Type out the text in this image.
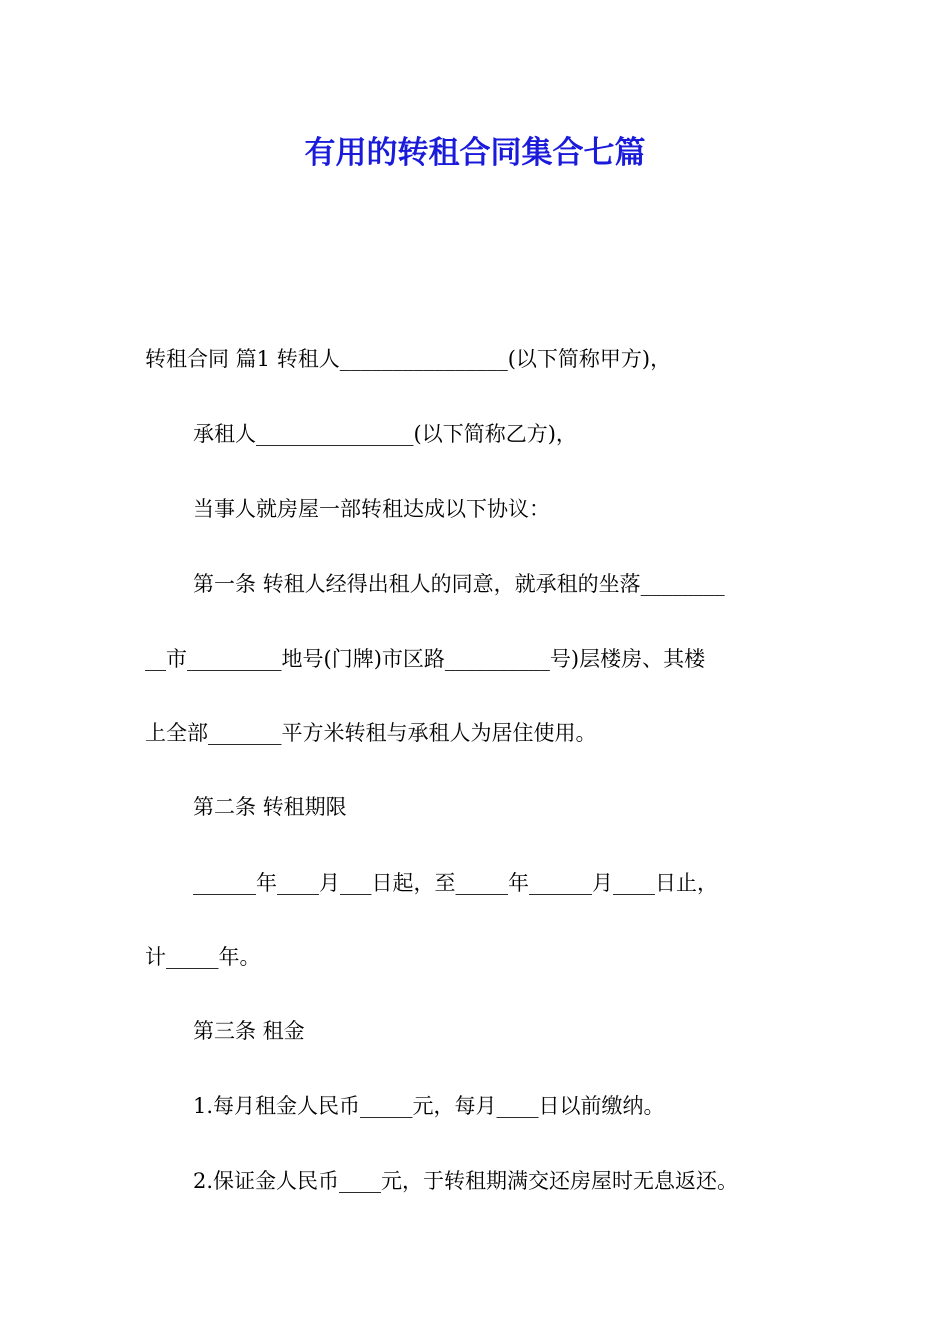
有用的转租合同集合七篇
转租合同 篇1 转租人________________(以下简称甲方)，
承租人_______________(以下简称乙方)，
当事人就房屋一部转租达成以下协议：
第一条 转租人经得出租人的同意，就承租的坐落________
__市_________地号(门牌)市区路__________号)层楼房、其楼
上全部_______平方米转租与承租人为居住使用。
第二条 转租期限
______年____月___日起，至_____年______月____日止，
计_____年。
第三条 租金
1.每月租金人民币_____元，每月____日以前缴纳。
2.保证金人民币____元，于转租期满交还房屋时无息返还。
